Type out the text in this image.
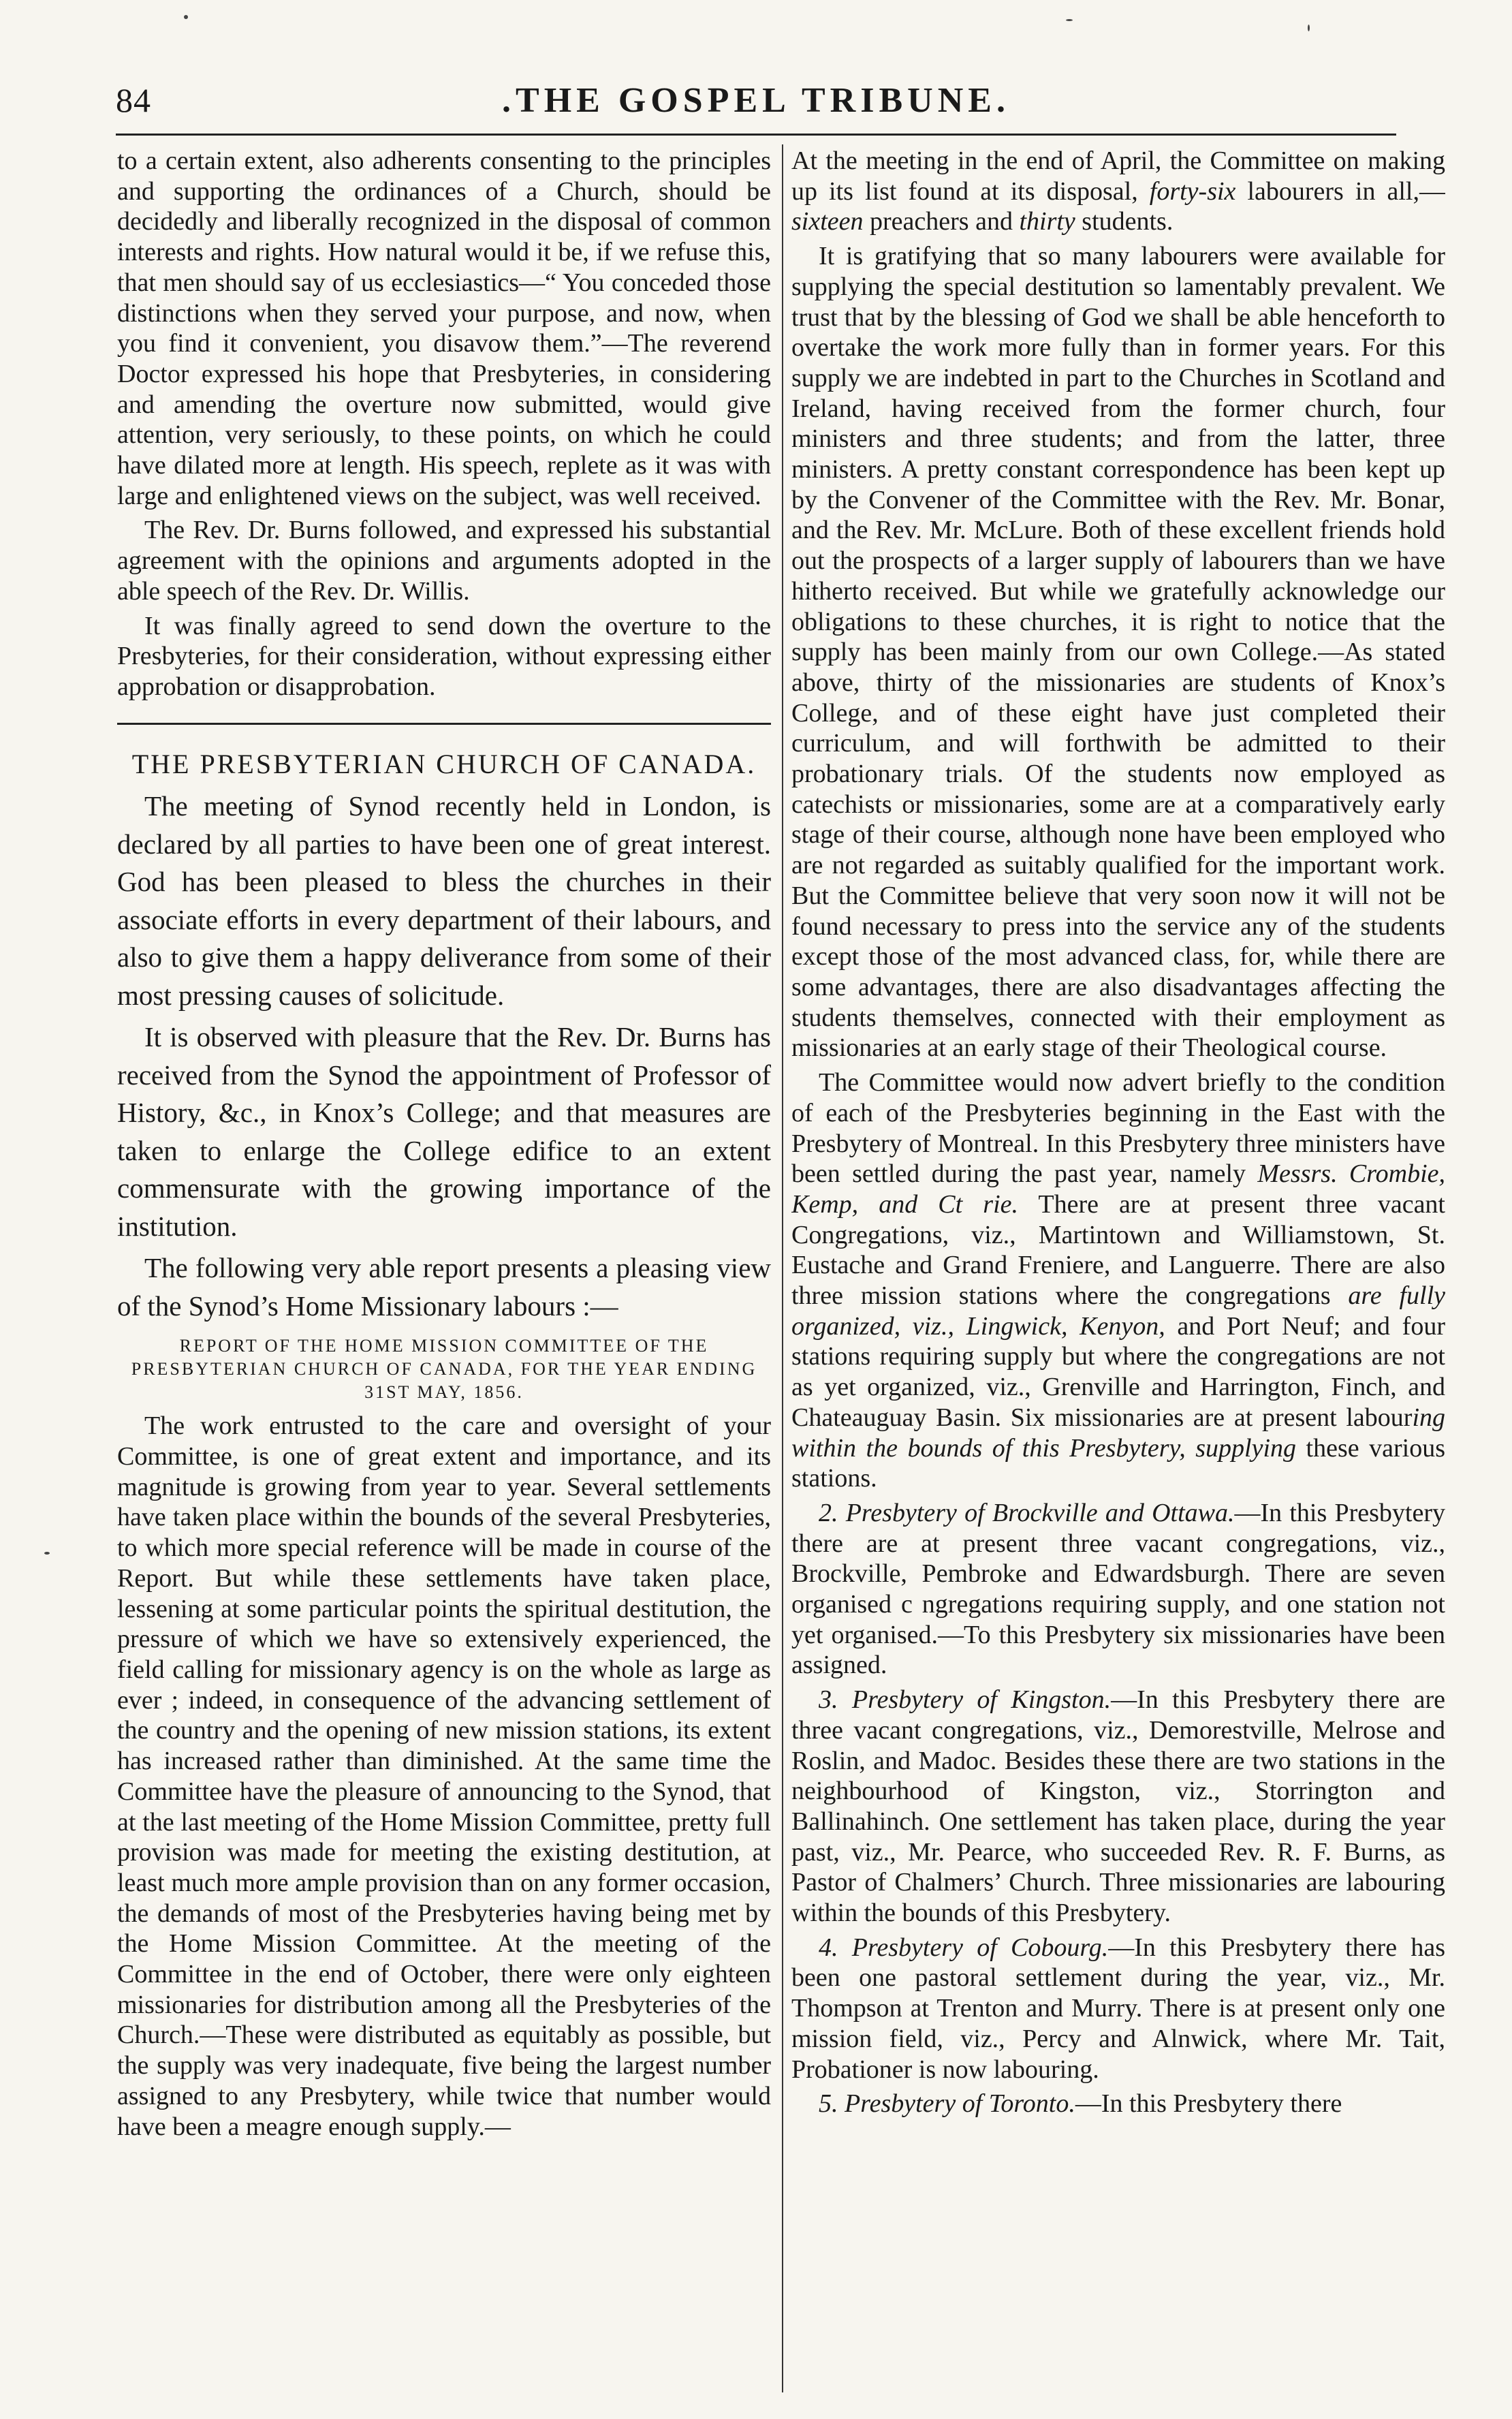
84	.THE GOSPEL TRIBUNE.

to a certain extent, also adherents consenting to the principles and supporting the ordinances of a Church, should be decidedly and liberally recognized in the disposal of common interests and rights. How natural would it be, if we refuse this, that men should say of us ecclesiastics—“ You conceded those distinctions when they served your purpose, and now, when you find it convenient, you disavow them.”—The reverend Doctor expressed his hope that Presbyteries, in considering and amending the overture now submitted, would give attention, very seriously, to these points, on which he could have dilated more at length. His speech, replete as it was with large and enlightened views on the subject, was well received.

The Rev. Dr. Burns followed, and expressed his substantial agreement with the opinions and arguments adopted in the able speech of the Rev. Dr. Willis.

It was finally agreed to send down the overture to the Presbyteries, for their consideration, without expressing either approbation or disapprobation.

THE PRESBYTERIAN CHURCH OF CANADA.

The meeting of Synod recently held in London, is declared by all parties to have been one of great interest. God has been pleased to bless the churches in their associate efforts in every department of their labours, and also to give them a happy deliverance from some of their most pressing causes of solicitude.

It is observed with pleasure that the Rev. Dr. Burns has received from the Synod the appointment of Professor of History, &c., in Knox’s College; and that measures are taken to enlarge the College edifice to an extent commensurate with the growing importance of the institution.

The following very able report presents a pleasing view of the Synod’s Home Missionary labours :—

REPORT OF THE HOME MISSION COMMITTEE OF THE PRESBYTERIAN CHURCH OF CANADA, FOR THE YEAR ENDING 31ST MAY, 1856.

The work entrusted to the care and oversight of your Committee, is one of great extent and importance, and its magnitude is growing from year to year. Several settlements have taken place within the bounds of the several Presbyteries, to which more special reference will be made in course of the Report. But while these settlements have taken place, lessening at some particular points the spiritual destitution, the pressure of which we have so extensively experienced, the field calling for missionary agency is on the whole as large as ever ; indeed, in consequence of the advancing settlement of the country and the opening of new mission stations, its extent has increased rather than diminished. At the same time the Committee have the pleasure of announcing to the Synod, that at the last meeting of the Home Mission Committee, pretty full provision was made for meeting the existing destitution, at least much more ample provision than on any former occasion, the demands of most of the Presbyteries having being met by the Home Mission Committee. At the meeting of the Committee in the end of October, there were only eighteen missionaries for distribution among all the Presbyteries of the Church.—These were distributed as equitably as possible, but the supply was very inadequate, five being the largest number assigned to any Presbytery, while twice that number would have been a meagre enough supply.—

At the meeting in the end of April, the Committee on making up its list found at its disposal, forty-six labourers in all,—sixteen preachers and thirty students.

It is gratifying that so many labourers were available for supplying the special destitution so lamentably prevalent. We trust that by the blessing of God we shall be able henceforth to overtake the work more fully than in former years. For this supply we are indebted in part to the Churches in Scotland and Ireland, having received from the former church, four ministers and three students; and from the latter, three ministers. A pretty constant correspondence has been kept up by the Convener of the Committee with the Rev. Mr. Bonar, and the Rev. Mr. McLure. Both of these excellent friends hold out the prospects of a larger supply of labourers than we have hitherto received. But while we gratefully acknowledge our obligations to these churches, it is right to notice that the supply has been mainly from our own College.—As stated above, thirty of the missionaries are students of Knox’s College, and of these eight have just completed their curriculum, and will forthwith be admitted to their probationary trials. Of the students now employed as catechists or missionaries, some are at a comparatively early stage of their course, although none have been employed who are not regarded as suitably qualified for the important work. But the Committee believe that very soon now it will not be found necessary to press into the service any of the students except those of the most advanced class, for, while there are some advantages, there are also disadvantages affecting the students themselves, connected with their employment as missionaries at an early stage of their Theological course.

The Committee would now advert briefly to the condition of each of the Presbyteries beginning in the East with the Presbytery of Montreal. In this Presbytery three ministers have been settled during the past year, namely Messrs. Crombie, Kemp, and Ct rie. There are at present three vacant Congregations, viz., Martintown and Williamstown, St. Eustache and Grand Freniere, and Languerre. There are also three mission stations where the congregations are fully organized, viz., Lingwick, Kenyon, and Port Neuf; and four stations requiring supply but where the congregations are not as yet organized, viz., Grenville and Harrington, Finch, and Chateauguay Basin. Six missionaries are at present labouring within the bounds of this Presbytery, supplying these various stations.

2. Presbytery of Brockville and Ottawa.—In this Presbytery there are at present three vacant congregations, viz., Brockville, Pembroke and Edwardsburgh. There are seven organised c ngregations requiring supply, and one station not yet organised.—To this Presbytery six missionaries have been assigned.

3. Presbytery of Kingston.—In this Presbytery there are three vacant congregations, viz., Demorestville, Melrose and Roslin, and Madoc. Besides these there are two stations in the neighbourhood of Kingston, viz., Storrington and Ballinahinch. One settlement has taken place, during the year past, viz., Mr. Pearce, who succeeded Rev. R. F. Burns, as Pastor of Chalmers’ Church. Three missionaries are labouring within the bounds of this Presbytery.

4. Presbytery of Cobourg.—In this Presbytery there has been one pastoral settlement during the year, viz., Mr. Thompson at Trenton and Murry. There is at present only one mission field, viz., Percy and Alnwick, where Mr. Tait, Probationer is now labouring.

5. Presbytery of Toronto.—In this Presbytery there
